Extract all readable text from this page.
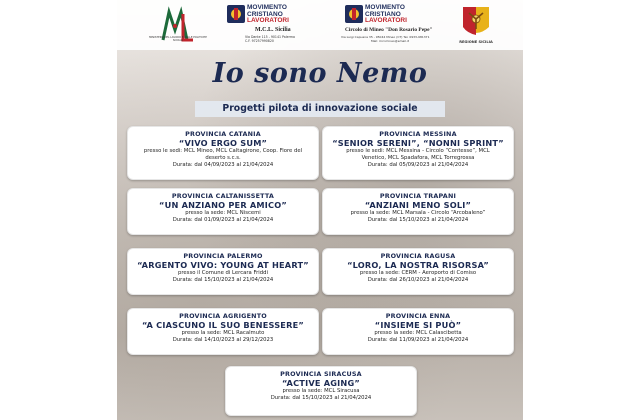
MINISTERO DEL LAVORO E DELLE POLITICHE SOCIALI
MOVIMENTO
CRISTIANO
LAVORATORI
M.C.L. Sicilia
Via Dante 115 - 90141 Palermo
C.F. 97257990820
MOVIMENTO
CRISTIANO
LAVORATORI
Circolo di Mineo "Don Rosario Pepe"
Via Luigi Capuana 35 - 95044 Mineo (CT) Tel. 0933-981371
Mail: mcl.mineo@email.it	REGIONE SICILIA
Io sono Nemo
Progetti pilota di innovazione sociale
PROVINCIA CATANIA
“VIVO ERGO SUM”
presso le sedi: MCL Mineo, MCL Caltagirone, Coop. Fiore del deserto s.c.s.
Durata: dal 04/09/2023 al 21/04/2024
PROVINCIA MESSINA
“SENIOR SERENI”, “NONNI SPRINT”
presso le sedi: MCL Messina - Circolo “Contesse”, MCL Venetico, MCL Spadafora, MCL Torregrossa
Durata: dal 05/09/2023 al 21/04/2024
PROVINCIA CALTANISSETTA
“UN ANZIANO PER AMICO”
presso la sede: MCL Niscemi
Durata: dal 01/09/2023 al 21/04/2024
PROVINCIA TRAPANI
“ANZIANI MENO SOLI”
presso la sede: MCL Marsala - Circolo “Arcobaleno”
Durata: dal 15/10/2023 al 21/04/2024
PROVINCIA PALERMO
“ARGENTO VIVO: YOUNG AT HEART”
presso il Comune di Lercara Friddi
Durata: dal 15/10/2023 al 21/04/2024
PROVINCIA RAGUSA
“LORO, LA NOSTRA RISORSA”
presso la sede: CERM - Aeroporto di Comiso
Durata: dal 26/10/2023 al 21/04/2024
PROVINCIA AGRIGENTO
“A CIASCUNO IL SUO BENESSERE”
presso la sede: MCL Racalmuto
Durata: dal 14/10/2023 al 29/12/2023
PROVINCIA ENNA
“INSIEME SI PUÒ”
presso la sede: MCL Calascibetta
Durata: dal 11/09/2023 al 21/04/2024
PROVINCIA SIRACUSA
“ACTIVE AGING”
presso la sede: MCL Siracusa
Durata: dal 15/10/2023 al 21/04/2024
